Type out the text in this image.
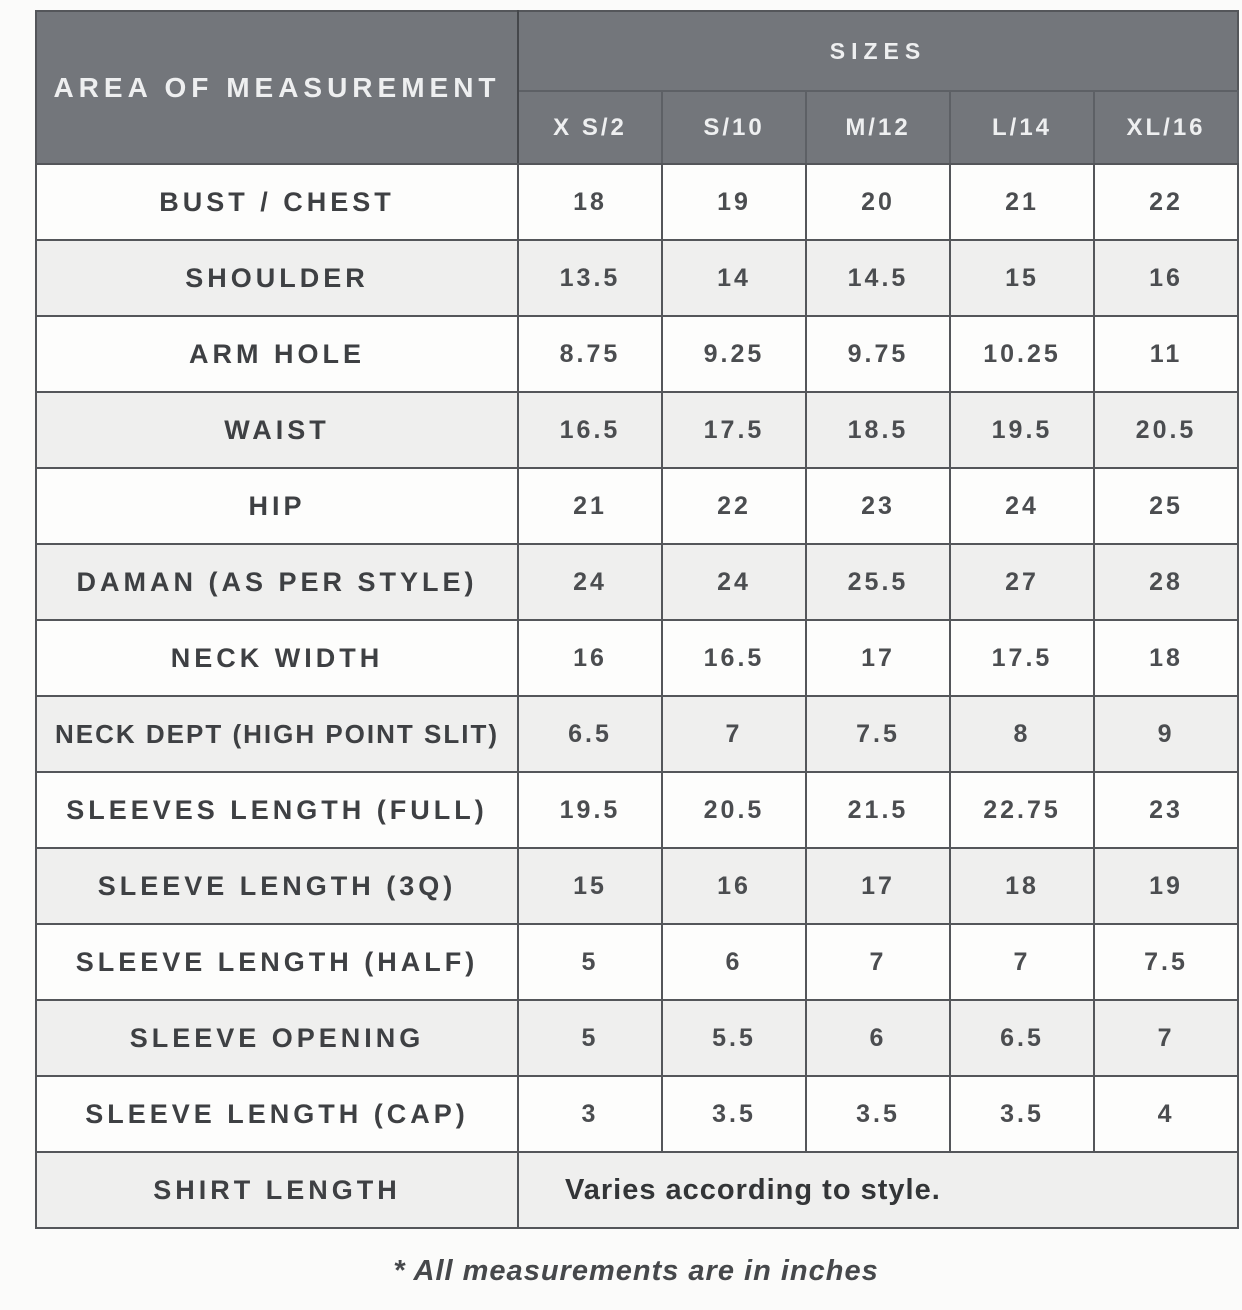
AREA OF MEASUREMENT	SIZES				
	X S/2	S/10	M/12	L/14	XL/16
BUST / CHEST	18	19	20	21	22
SHOULDER	13.5	14	14.5	15	16
ARM HOLE	8.75	9.25	9.75	10.25	11
WAIST	16.5	17.5	18.5	19.5	20.5
HIP	21	22	23	24	25
DAMAN (AS PER STYLE)	24	24	25.5	27	28
NECK WIDTH	16	16.5	17	17.5	18
NECK DEPT (HIGH POINT SLIT)	6.5	7	7.5	8	9
SLEEVES LENGTH (FULL)	19.5	20.5	21.5	22.75	23
SLEEVE LENGTH (3Q)	15	16	17	18	19
SLEEVE LENGTH (HALF)	5	6	7	7	7.5
SLEEVE OPENING	5	5.5	6	6.5	7
SLEEVE LENGTH (CAP)	3	3.5	3.5	3.5	4
SHIRT LENGTH	Varies according to style.				
* All measurements are in inches
